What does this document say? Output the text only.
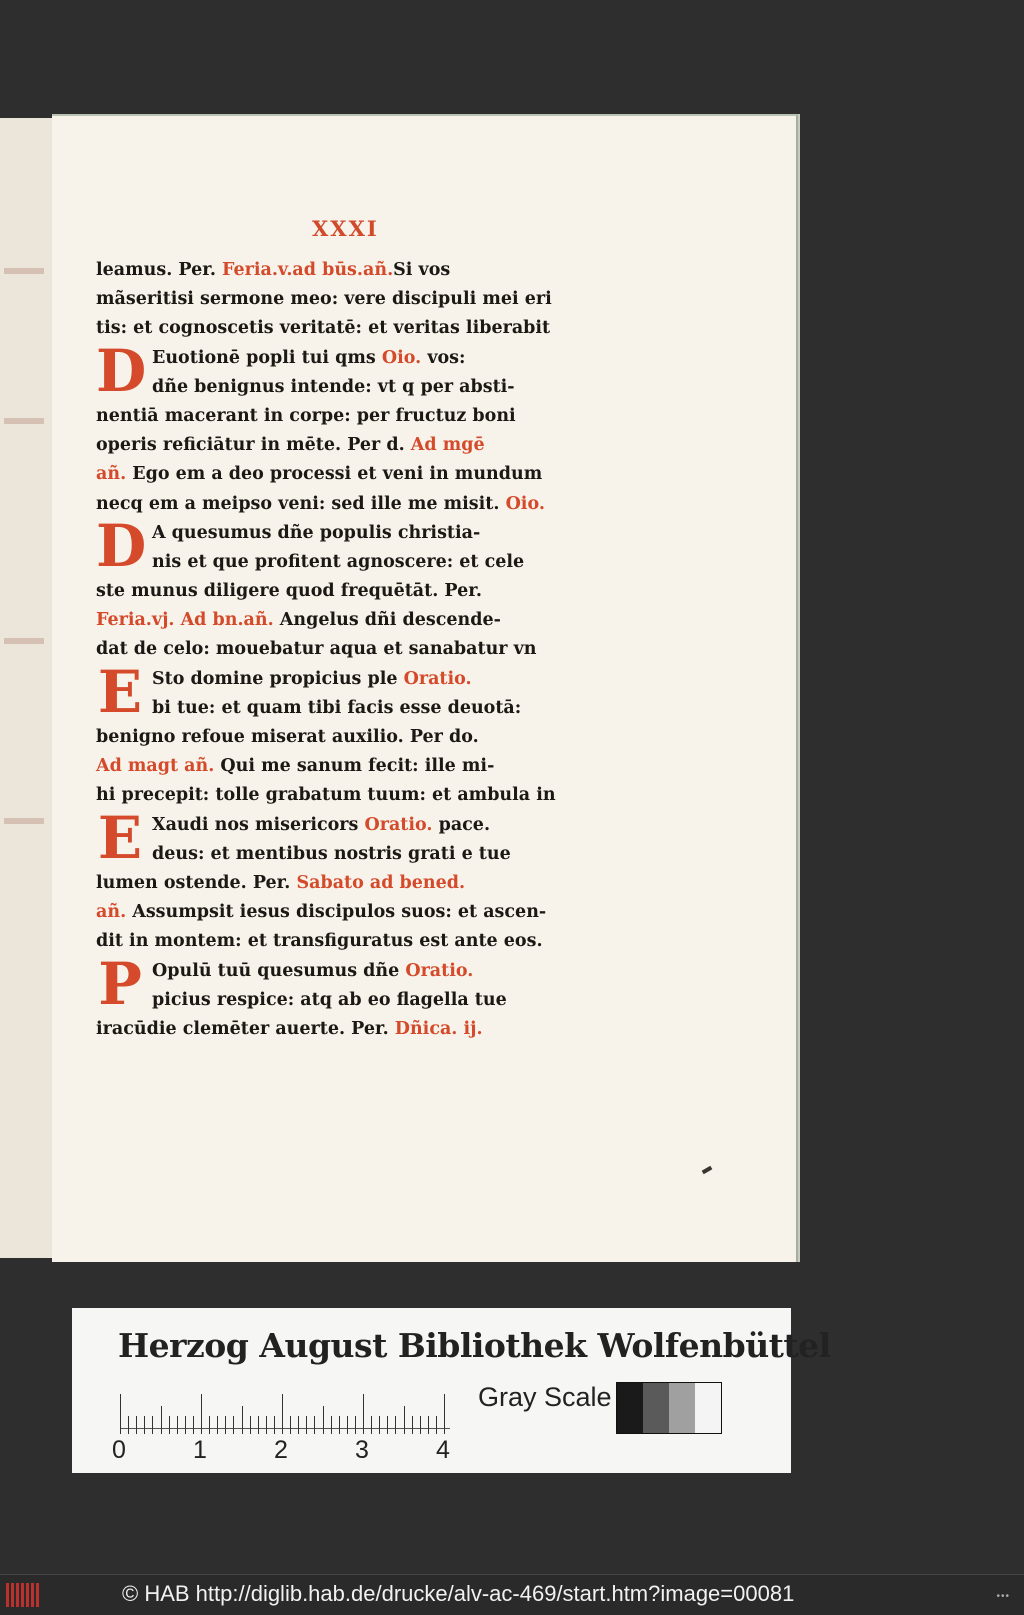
XXXI
leamus. Per. Feria.v.ad būs.añ.Si vos
mãseritisi sermone meo: vere discipuli mei eri
tis: et cognoscetis veritatē: et veritas liberabit
D Euotionē popli tui qms Oio. vos:
dñe benignus intende: vt q per absti-
nentiā macerant in corpe: per fructuz boni
operis reficiātur in mēte. Per d. Ad mgē
añ. Ego em a deo processi et veni in mundum
necq em a meipso veni: sed ille me misit. Oio.
D A quesumus dñe populis christia-
nis et que profitent agnoscere: et cele
ste munus diligere quod frequētāt. Per.
Feria.vj. Ad bn.añ. Angelus dñi descende-
dat de celo: mouebatur aqua et sanabatur vn
E Sto domine propicius ple Oratio.
bi tue: et quam tibi facis esse deuotā:
benigno refoue miserat auxilio. Per do.
Ad magt añ. Qui me sanum fecit: ille mi-
hi precepit: tolle grabatum tuum: et ambula in
E Xaudi nos misericors Oratio. pace.
deus: et mentibus nostris grati e tue
lumen ostende. Per. Sabato ad bened.
añ. Assumpsit iesus discipulos suos: et ascen-
dit in montem: et transfiguratus est ante eos.
P Opulū tuū quesumus dñe Oratio.
picius respice: atq ab eo flagella tue
iracūdie clemēter auerte. Per. Dñica. ij.
Herzog August Bibliothek Wolfenbüttel
0	1	2	3	4
Gray Scale
© HAB http://diglib.hab.de/drucke/alv-ac-469/start.htm?image=00081	•••
